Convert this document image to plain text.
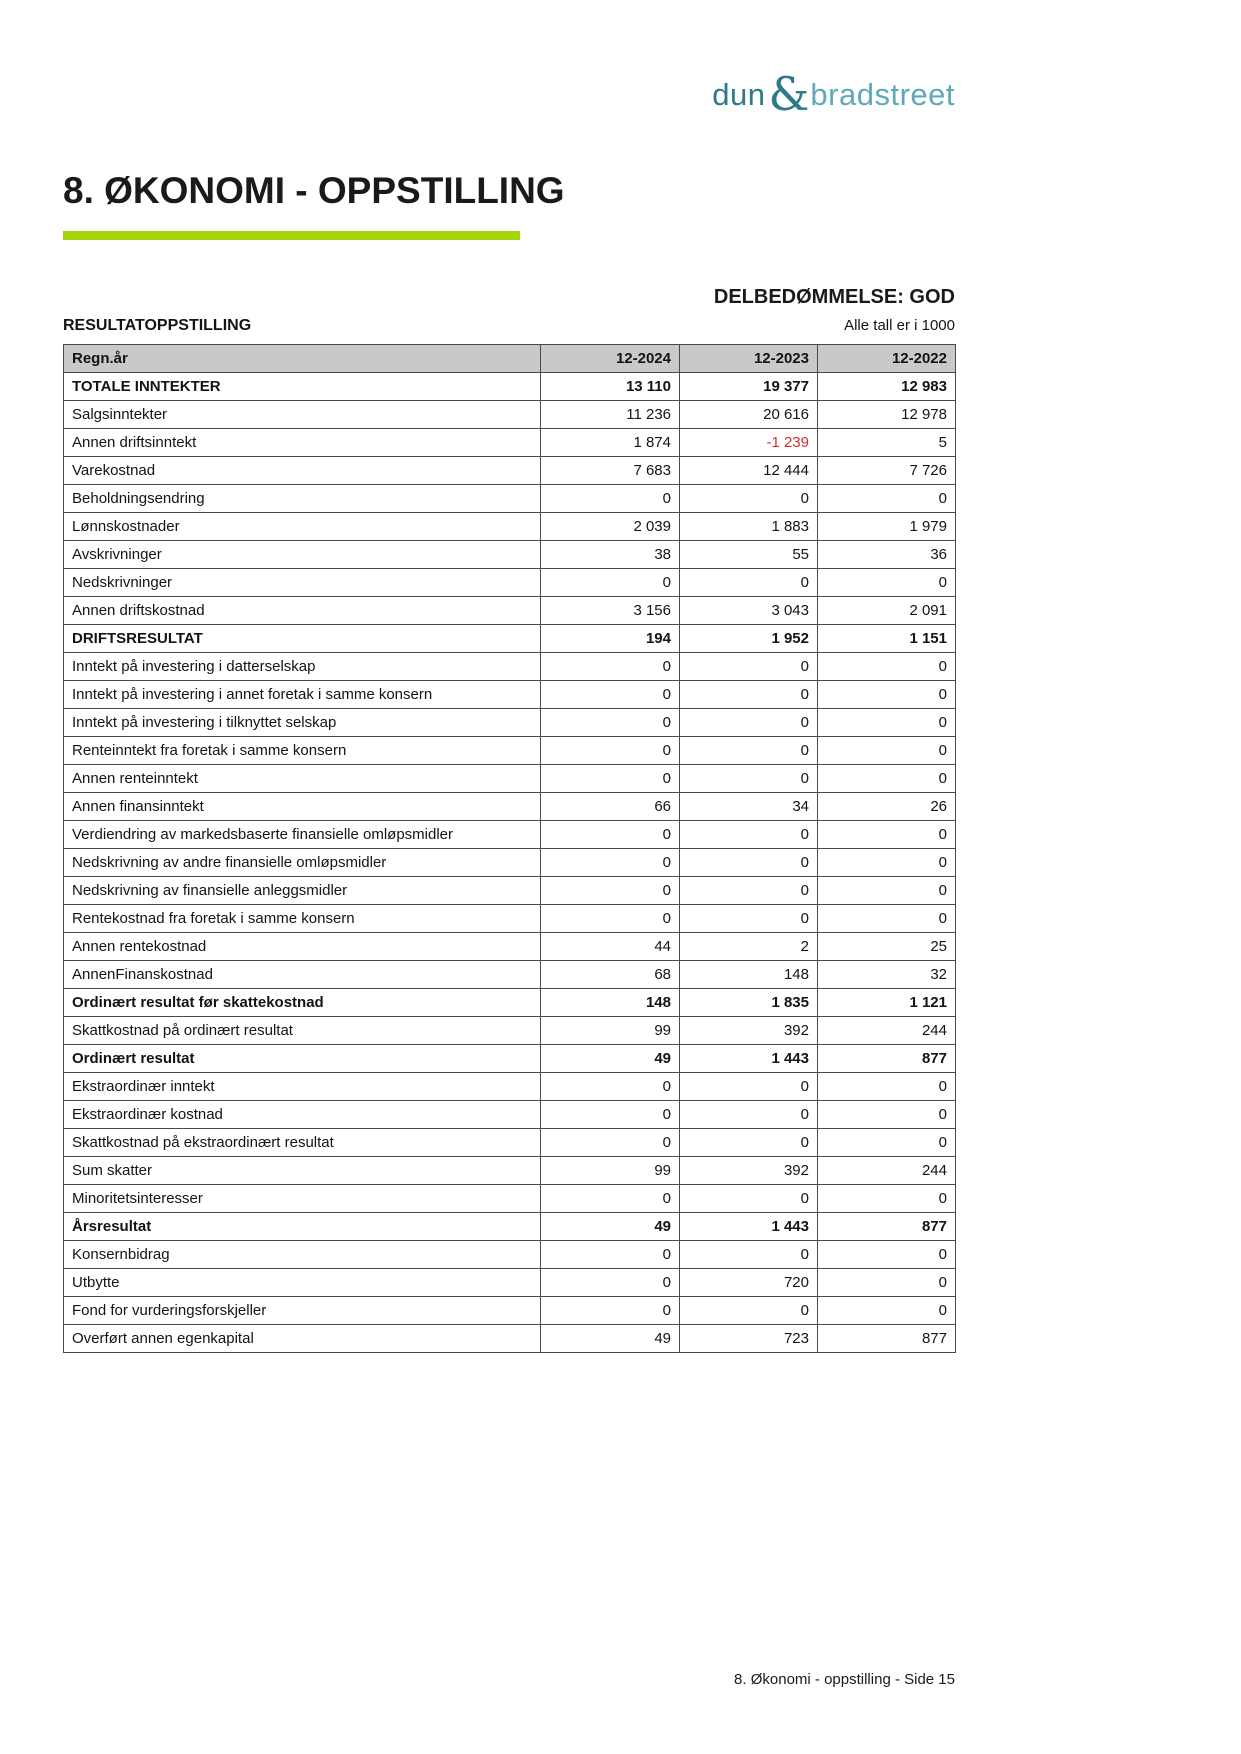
dun & bradstreet
8. ØKONOMI - OPPSTILLING
DELBEDØMMELSE: GOD
RESULTATOPPSTILLING	Alle tall er i 1000
Regn.år	12-2024	12-2023	12-2022
TOTALE INNTEKTER	13 110	19 377	12 983
Salgsinntekter	11 236	20 616	12 978
Annen driftsinntekt	1 874	-1 239	5
Varekostnad	7 683	12 444	7 726
Beholdningsendring	0	0	0
Lønnskostnader	2 039	1 883	1 979
Avskrivninger	38	55	36
Nedskrivninger	0	0	0
Annen driftskostnad	3 156	3 043	2 091
DRIFTSRESULTAT	194	1 952	1 151
Inntekt på investering i datterselskap	0	0	0
Inntekt på investering i annet foretak i samme konsern	0	0	0
Inntekt på investering i tilknyttet selskap	0	0	0
Renteinntekt fra foretak i samme konsern	0	0	0
Annen renteinntekt	0	0	0
Annen finansinntekt	66	34	26
Verdiendring av markedsbaserte finansielle omløpsmidler	0	0	0
Nedskrivning av andre finansielle omløpsmidler	0	0	0
Nedskrivning av finansielle anleggsmidler	0	0	0
Rentekostnad fra foretak i samme konsern	0	0	0
Annen rentekostnad	44	2	25
AnnenFinanskostnad	68	148	32
Ordinært resultat før skattekostnad	148	1 835	1 121
Skattkostnad på ordinært resultat	99	392	244
Ordinært resultat	49	1 443	877
Ekstraordinær inntekt	0	0	0
Ekstraordinær kostnad	0	0	0
Skattkostnad på ekstraordinært resultat	0	0	0
Sum skatter	99	392	244
Minoritetsinteresser	0	0	0
Årsresultat	49	1 443	877
Konsernbidrag	0	0	0
Utbytte	0	720	0
Fond for vurderingsforskjeller	0	0	0
Overført annen egenkapital	49	723	877
8. Økonomi - oppstilling - Side 15
